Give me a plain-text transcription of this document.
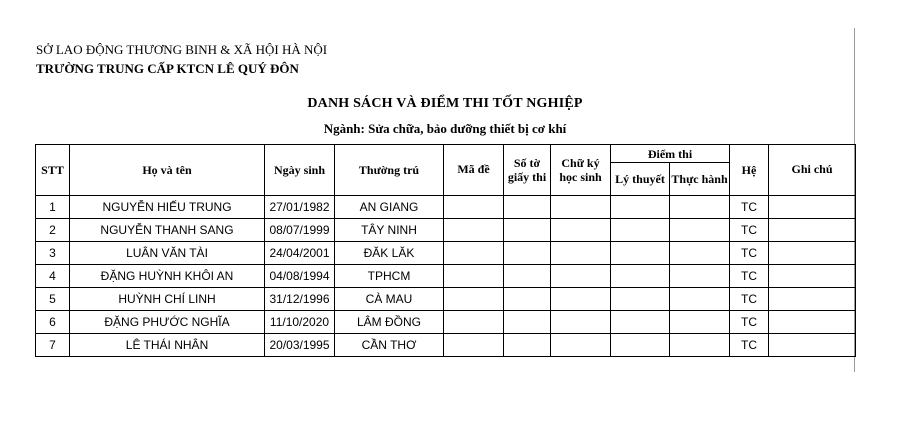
SỞ LAO ĐỘNG THƯƠNG BINH & XÃ HỘI HÀ NỘI
TRƯỜNG TRUNG CẤP KTCN LÊ QUÝ ĐÔN
DANH SÁCH VÀ ĐIỂM THI TỐT NGHIỆP
Ngành: Sửa chữa, bảo dưỡng thiết bị cơ khí
STT	Họ và tên	Ngày sinh	Thường trú	Mã đề	Số tờ giấy thi	Chữ ký học sinh	Điểm thi		Hệ	Ghi chú
							Lý thuyết	Thực hành		
1	NGUYỄN HIẾU TRUNG	27/01/1982	AN GIANG						TC	
2	NGUYỄN THANH SANG	08/07/1999	TÂY NINH						TC	
3	LUÂN VĂN TÀI	24/04/2001	ĐĂK LĂK						TC	
4	ĐẶNG HUỲNH KHÔI AN	04/08/1994	TPHCM						TC	
5	HUỲNH CHÍ LINH	31/12/1996	CÀ MAU						TC	
6	ĐẶNG PHƯỚC NGHĨA	11/10/2020	LÂM ĐỒNG						TC	
7	LÊ THÁI NHÂN	20/03/1995	CẦN THƠ						TC	
